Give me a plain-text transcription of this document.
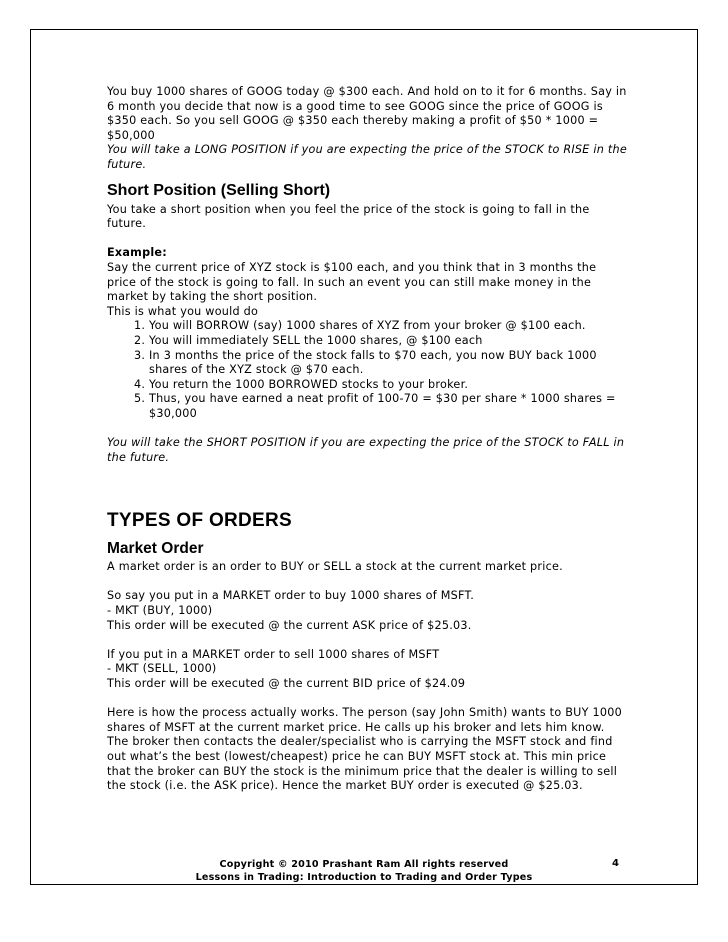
You buy 1000 shares of GOOG today @ $300 each. And hold on to it for 6 months. Say in 6 month you decide that now is a good time to see GOOG since the price of GOOG is $350 each. So you sell GOOG @ $350 each thereby making a profit of $50 * 1000 = $50,000

You will take a LONG POSITION if you are expecting the price of the STOCK to RISE in the future.

Short Position (Selling Short)

You take a short position when you feel the price of the stock is going to fall in the future.

Example:

Say the current price of XYZ stock is $100 each, and you think that in 3 months the price of the stock is going to fall. In such an event you can still make money in the market by taking the short position.

This is what you would do

1. You will BORROW (say) 1000 shares of XYZ from your broker @ $100 each.
2. You will immediately SELL the 1000 shares, @ $100 each
3. In 3 months the price of the stock falls to $70 each, you now BUY back 1000 shares of the XYZ stock @ $70 each.
4. You return the 1000 BORROWED stocks to your broker.
5. Thus, you have earned a neat profit of 100-70 = $30 per share * 1000 shares = $30,000

You will take the SHORT POSITION if you are expecting the price of the STOCK to FALL in the future.

TYPES OF ORDERS
Market Order

A market order is an order to BUY or SELL a stock at the current market price.

So say you put in a MARKET order to buy 1000 shares of MSFT.

- MKT (BUY, 1000)

This order will be executed @ the current ASK price of $25.03.

If you put in a MARKET order to sell 1000 shares of MSFT

- MKT (SELL, 1000)

This order will be executed @ the current BID price of $24.09

Here is how the process actually works. The person (say John Smith) wants to BUY 1000 shares of MSFT at the current market price. He calls up his broker and lets him know. The broker then contacts the dealer/specialist who is carrying the MSFT stock and find out what’s the best (lowest/cheapest) price he can BUY MSFT stock at. This min price that the broker can BUY the stock is the minimum price that the dealer is willing to sell the stock (i.e. the ASK price). Hence the market BUY order is executed @ $25.03.

Copyright © 2010 Prashant Ram All rights reserved
Lessons in Trading: Introduction to Trading and Order Types
4
